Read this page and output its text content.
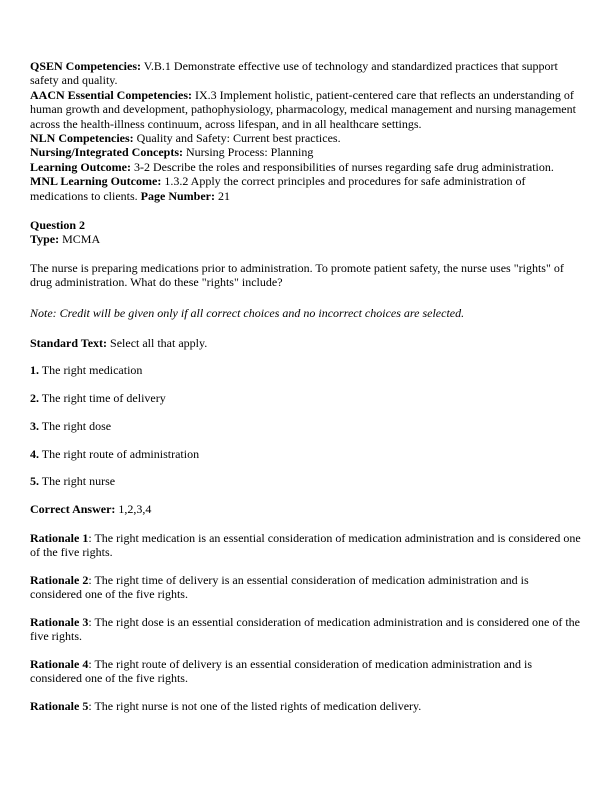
QSEN Competencies: V.B.1 Demonstrate effective use of technology and standardized practices that support safety and quality.
AACN Essential Competencies: IX.3 Implement holistic, patient-centered care that reflects an understanding of human growth and development, pathophysiology, pharmacology, medical management and nursing management across the health-illness continuum, across lifespan, and in all healthcare settings.
NLN Competencies: Quality and Safety: Current best practices.
Nursing/Integrated Concepts: Nursing Process: Planning
Learning Outcome: 3-2 Describe the roles and responsibilities of nurses regarding safe drug administration.
MNL Learning Outcome: 1.3.2 Apply the correct principles and procedures for safe administration of medications to clients. Page Number: 21
Question 2
Type: MCMA
The nurse is preparing medications prior to administration. To promote patient safety, the nurse uses "rights" of drug administration. What do these "rights" include?
Note: Credit will be given only if all correct choices and no incorrect choices are selected.
Standard Text: Select all that apply.
1. The right medication
2. The right time of delivery
3. The right dose
4. The right route of administration
5. The right nurse
Correct Answer: 1,2,3,4
Rationale 1: The right medication is an essential consideration of medication administration and is considered one of the five rights.
Rationale 2: The right time of delivery is an essential consideration of medication administration and is considered one of the five rights.
Rationale 3: The right dose is an essential consideration of medication administration and is considered one of the five rights.
Rationale 4: The right route of delivery is an essential consideration of medication administration and is considered one of the five rights.
Rationale 5: The right nurse is not one of the listed rights of medication delivery.
